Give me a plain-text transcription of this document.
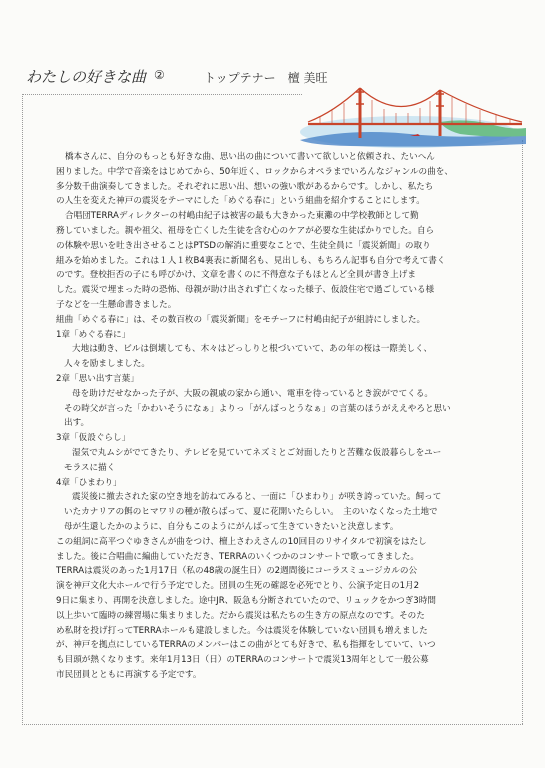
わたしの好きな曲 ②	トップテナー　檀 美旺

橋本さんに、自分のもっとも好きな曲、思い出の曲について書いて欲しいと依頼され、たいへん
困りました。中学で音楽をはじめてから、50年近く、ロックからオペラまでいろんなジャンルの曲を、
多分数千曲演奏してきました。それぞれに思い出、想いの強い歌があるからです。しかし、私たち
の人生を変えた神戸の震災をテーマにした「めぐる春に」という組曲を紹介することにします。

合唱団TERRAディレクターの村嶋由紀子は被害の最も大きかった東灘の中学校教師として勤
務していました。親や祖父、祖母を亡くした生徒を含む心のケアが必要な生徒ばかりでした。自ら
の体験や思いを吐き出させることはPTSDの解消に重要なことで、生徒全員に「震災新聞」の取り
組みを始めました。これは１人１枚B4裏表に新聞名も、見出しも、もちろん記事も自分で考えて書く
のです。登校拒否の子にも呼びかけ、文章を書くのに不得意な子もほとんど全員が書き上げま
した。震災で埋まった時の恐怖、母親が助け出されず亡くなった様子、仮設住宅で過ごしている様
子などを一生懸命書きました。

組曲「めぐる春に」は、その数百枚の「震災新聞」をモチーフに村嶋由紀子が組詩にしました。

1章「めぐる春に」

大地は動き、ビルは倒壊しても、木々はどっしりと根づいていて、あの年の桜は一際美しく、
人々を励ましました。

2章「思い出す言葉」

母を助けだせなかった子が、大阪の親戚の家から通い、電車を待っているとき涙がでてくる。
その時父が言った「かわいそうになぁ」よりっ「がんばっとうなぁ」の言葉のほうがええやろと思い
出す。

3章「仮設ぐらし」

湿気で丸ムシがでてきたり、テレビを見ていてネズミとご対面したりと苦難な仮設暮らしをユー
モラスに描く

4章「ひまわり」

震災後に撤去された家の空き地を訪ねてみると、一面に「ひまわり」が咲き誇っていた。飼って
いたカナリアの餌のヒマワリの種が散らばって、夏に花開いたらしい。　主のいなくなった土地で
母が生還したかのように、自分もこのようにがんばって生きていきたいと決意します。

この組詞に高平つぐゆきさんが曲をつけ、檀上さわえさんの10回目のリサイタルで初演をはたし
ました。後に合唱曲に編曲していただき、TERRAのいくつかのコンサートで歌ってきました。

TERRAは震災のあった1月17日（私の48歳の誕生日）の2週間後にコーラスミュージカルの公
演を神戸文化大ホールで行う予定でした。団員の生死の確認を必死でとり、公演予定日の1月2
9日に集まり、再開を決意しました。途中JR、阪急も分断されていたので、リュックをかつぎ3時間
以上歩いて臨時の練習場に集まりました。だから震災は私たちの生き方の原点なのです。そのた
め私財を投げ打ってTERRAホールも建設しました。今は震災を体験していない団員も増えました
が、神戸を拠点にしているTERRAのメンバーはこの曲がとても好きで、私も指揮をしていて、いつ
も目頭が熱くなります。来年1月13日（日）のTERRAのコンサートで震災13周年として一般公募
市民団員とともに再演する予定です。
